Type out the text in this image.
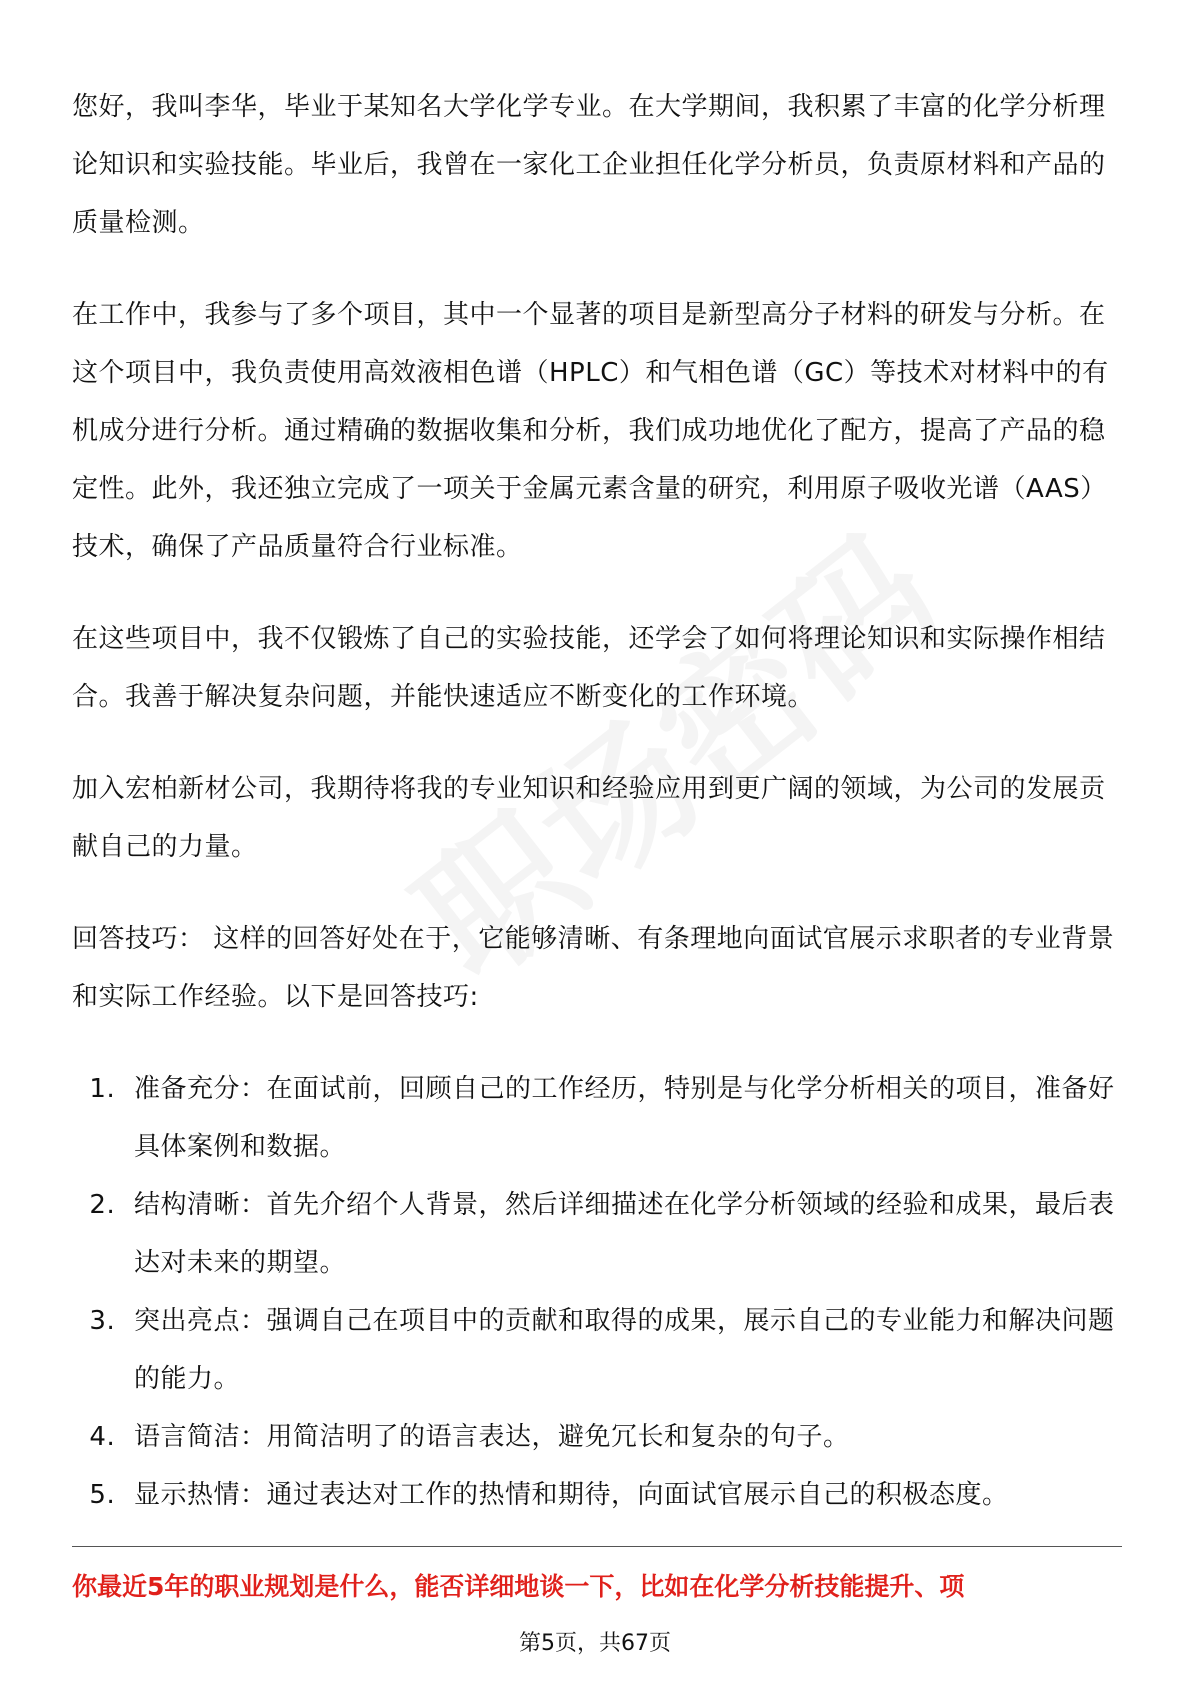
您好，我叫李华，毕业于某知名大学化学专业。在大学期间，我积累了丰富的化学分析理论知识和实验技能。毕业后，我曾在一家化工企业担任化学分析员，负责原材料和产品的质量检测。

在工作中，我参与了多个项目，其中一个显著的项目是新型高分子材料的研发与分析。在这个项目中，我负责使用高效液相色谱（HPLC）和气相色谱（GC）等技术对材料中的有机成分进行分析。通过精确的数据收集和分析，我们成功地优化了配方，提高了产品的稳定性。此外，我还独立完成了一项关于金属元素含量的研究，利用原子吸收光谱（AAS）技术，确保了产品质量符合行业标准。

在这些项目中，我不仅锻炼了自己的实验技能，还学会了如何将理论知识和实际操作相结合。我善于解决复杂问题，并能快速适应不断变化的工作环境。

加入宏柏新材公司，我期待将我的专业知识和经验应用到更广阔的领域，为公司的发展贡献自己的力量。

回答技巧： 这样的回答好处在于，它能够清晰、有条理地向面试官展示求职者的专业背景和实际工作经验。以下是回答技巧:

1. 准备充分：在面试前，回顾自己的工作经历，特别是与化学分析相关的项目，准备好具体案例和数据。
2. 结构清晰：首先介绍个人背景，然后详细描述在化学分析领域的经验和成果，最后表达对未来的期望。
3. 突出亮点：强调自己在项目中的贡献和取得的成果，展示自己的专业能力和解决问题的能力。
4. 语言简洁：用简洁明了的语言表达，避免冗长和复杂的句子。
5. 显示热情：通过表达对工作的热情和期待，向面试官展示自己的积极态度。
你最近5年的职业规划是什么，能否详细地谈一下，比如在化学分析技能提升、项
第5页，共67页
